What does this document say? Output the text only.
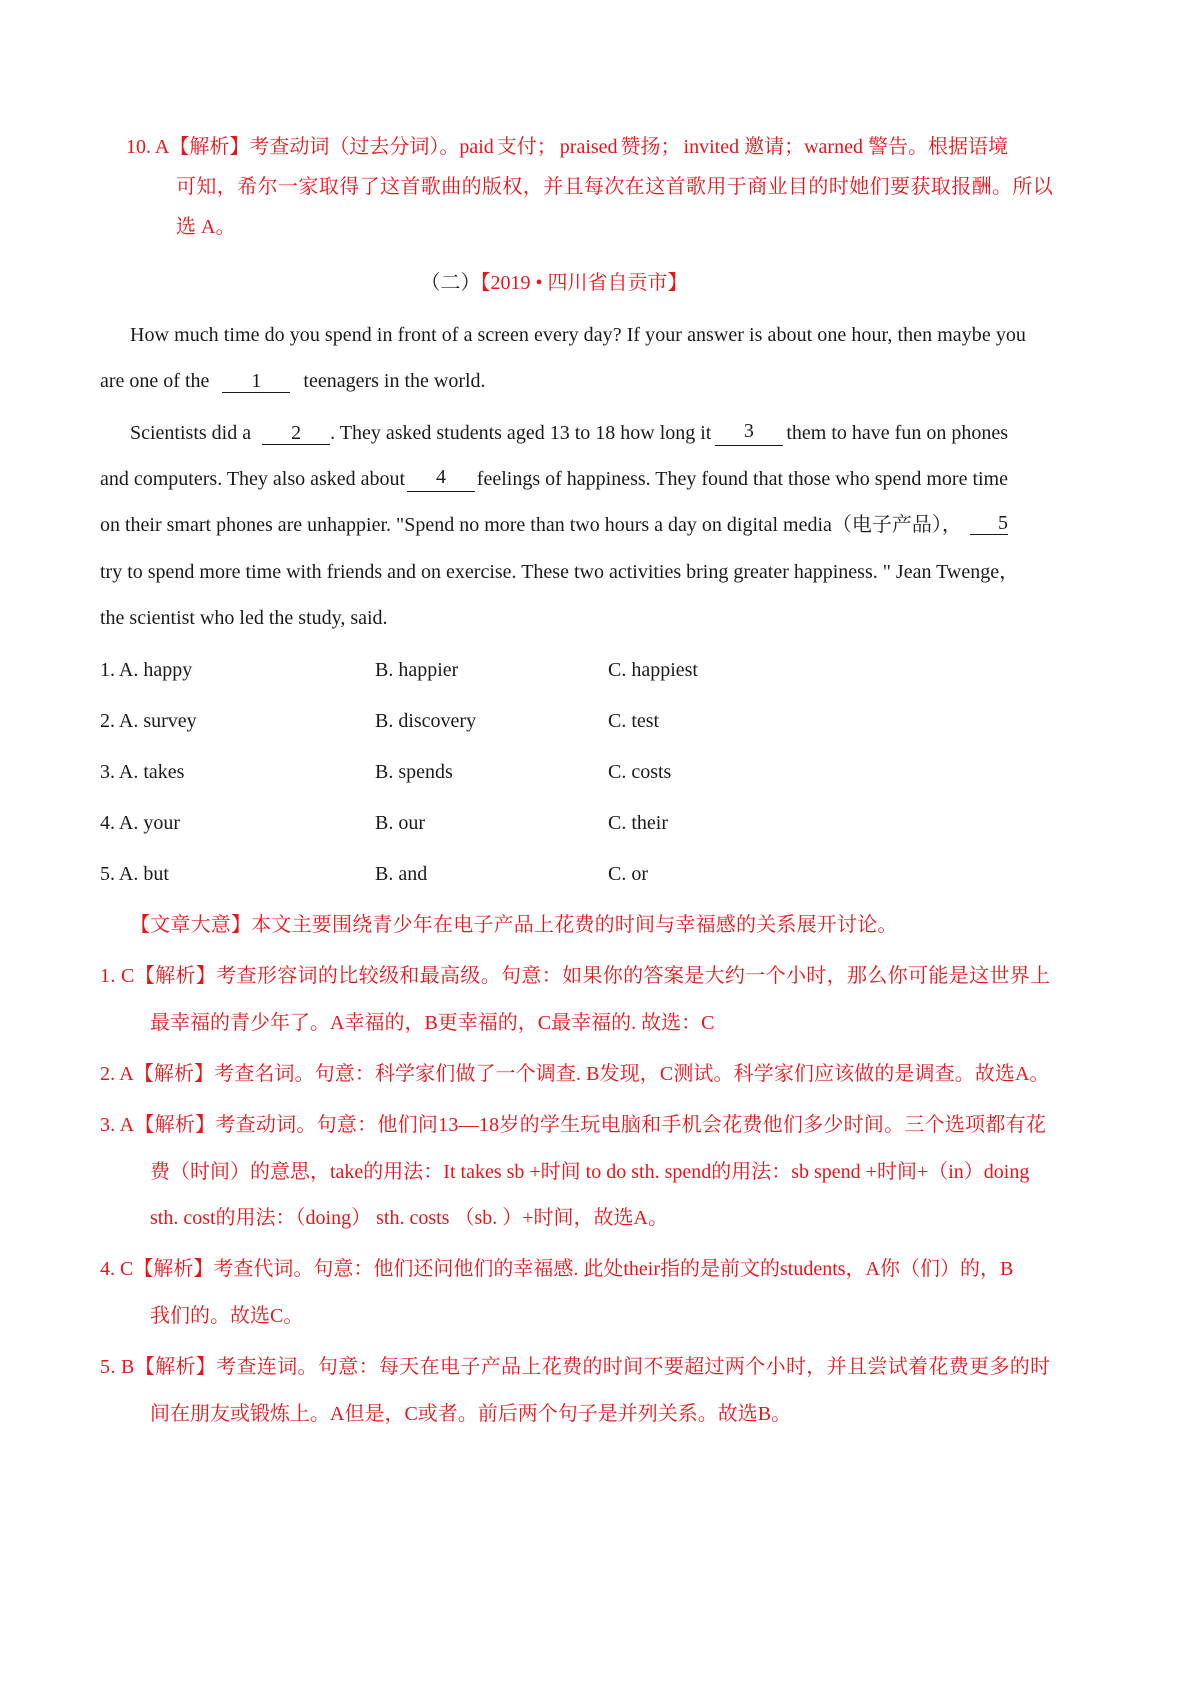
10. A【解析】考查动词（过去分词）。paid 支付； praised 赞扬； invited 邀请；warned 警告。根据语境
可知，希尔一家取得了这首歌曲的版权，并且每次在这首歌用于商业目的时她们要获取报酬。所以
选 A。
（二）【2019 • 四川省自贡市】
How much time do you spend in front of a screen every day? If your answer is about one hour, then maybe you
are one of the 1 teenagers in the world.
Scientists did a 2 . They asked students aged 13 to 18 how long it	3	them to have fun on phones
and computers. They also asked about	4	feelings of happiness. They found that those who spend more time
on their smart phones are unhappier. "Spend no more than two hours a day on digital media（电子产品），	5
try to spend more time with friends and on exercise. These two activities bring greater happiness. " Jean Twenge，
the scientist who led the study, said.
1. A. happy	B. happier	C. happiest
2. A. survey	B. discovery	C. test
3. A. takes	B. spends	C. costs
4. A. your	B. our	C. their
5. A. but	B. and	C. or
【文章大意】本文主要围绕青少年在电子产品上花费的时间与幸福感的关系展开讨论。
1. C【解析】考查形容词的比较级和最高级。句意：如果你的答案是大约一个小时，那么你可能是这世界上
最幸福的青少年了。A幸福的，B更幸福的，C最幸福的. 故选：C
2. A【解析】考查名词。句意：科学家们做了一个调查. B发现，C测试。科学家们应该做的是调查。故选A。
3. A【解析】考查动词。句意：他们问13—18岁的学生玩电脑和手机会花费他们多少时间。三个选项都有花
费（时间）的意思，take的用法：It takes sb +时间 to do sth. spend的用法：sb spend +时间+（in）doing
sth. cost的用法：（doing） sth. costs （sb. ）+时间，故选A。
4. C【解析】考查代词。句意：他们还问他们的幸福感. 此处their指的是前文的students，A你（们）的，B
我们的。故选C。
5. B【解析】考查连词。句意：每天在电子产品上花费的时间不要超过两个小时，并且尝试着花费更多的时
间在朋友或锻炼上。A但是，C或者。前后两个句子是并列关系。故选B。
